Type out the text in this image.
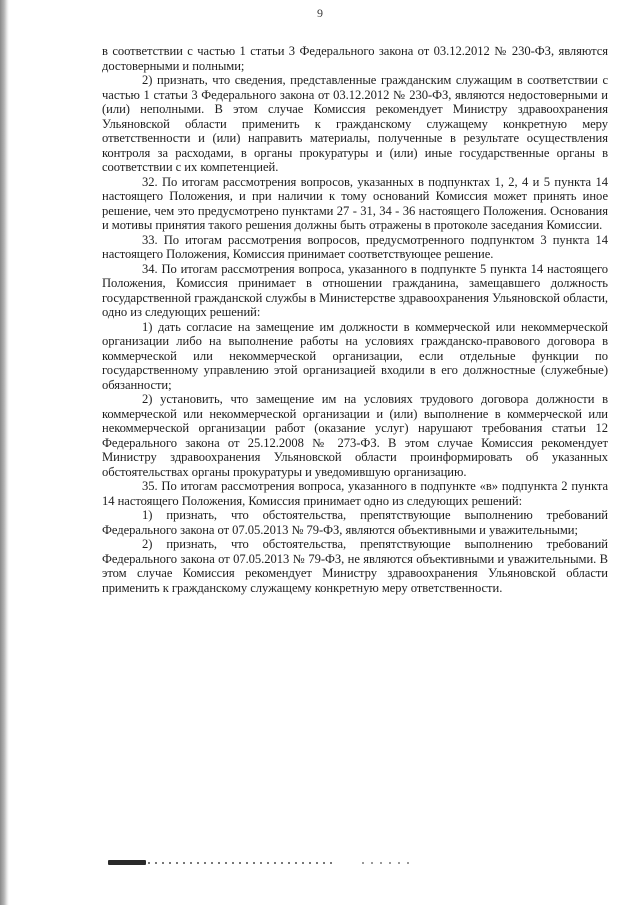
9

в соответствии с частью 1 статьи 3 Федерального закона от 03.12.2012 № 230-ФЗ, являются достоверными и полными;

2) признать, что сведения, представленные гражданским служащим в соответствии с частью 1 статьи 3 Федерального закона от 03.12.2012 № 230-ФЗ, являются недостоверными и (или) неполными. В этом случае Комиссия рекомендует Министру здравоохранения Ульяновской области применить к гражданскому служащему конкретную меру ответственности и (или) направить материалы, полученные в результате осуществления контроля за расходами, в органы прокуратуры и (или) иные государственные органы в соответствии с их компетенцией.

32. По итогам рассмотрения вопросов, указанных в подпунктах 1, 2, 4 и 5 пункта 14 настоящего Положения, и при наличии к тому оснований Комиссия может принять иное решение, чем это предусмотрено пунктами 27 - 31, 34 - 36 настоящего Положения. Основания и мотивы принятия такого решения должны быть отражены в протоколе заседания Комиссии.

33. По итогам рассмотрения вопросов, предусмотренного подпунктом 3 пункта 14 настоящего Положения, Комиссия принимает соответствующее решение.

34. По итогам рассмотрения вопроса, указанного в подпункте 5 пункта 14 настоящего Положения, Комиссия принимает в отношении гражданина, замещавшего должность государственной гражданской службы в Министерстве здравоохранения Ульяновской области, одно из следующих решений:

1) дать согласие на замещение им должности в коммерческой или некоммерческой организации либо на выполнение работы на условиях гражданско-правового договора в коммерческой или некоммерческой организации, если отдельные функции по государственному управлению этой организацией входили в его должностные (служебные) обязанности;

2) установить, что замещение им на условиях трудового договора должности в коммерческой или некоммерческой организации и (или) выполнение в коммерческой или некоммерческой организации работ (оказание услуг) нарушают требования статьи 12 Федерального закона от 25.12.2008 № 273-ФЗ. В этом случае Комиссия рекомендует Министру здравоохранения Ульяновской области проинформировать об указанных обстоятельствах органы прокуратуры и уведомившую организацию.

35. По итогам рассмотрения вопроса, указанного в подпункте «в» подпункта 2 пункта 14 настоящего Положения, Комиссия принимает одно из следующих решений:

1) признать, что обстоятельства, препятствующие выполнению требований Федерального закона от 07.05.2013 № 79-ФЗ, являются объективными и уважительными;

2) признать, что обстоятельства, препятствующие выполнению требований Федерального закона от 07.05.2013 № 79-ФЗ, не являются объективными и уважительными. В этом случае Комиссия рекомендует Министру здравоохранения Ульяновской области применить к гражданскому служащему конкретную меру ответственности.
